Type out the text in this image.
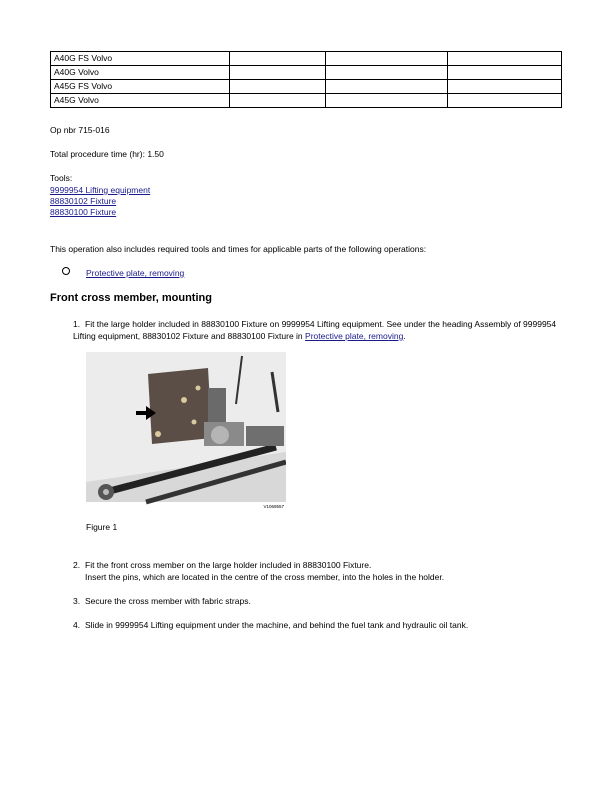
A40G FS Volvo			
A40G Volvo			
A45G FS Volvo			
A45G Volvo			
Op nbr 715-016
Total procedure time (hr): 1.50
Tools:
9999954 Lifting equipment
88830102 Fixture
88830100 Fixture
This operation also includes required tools and times for applicable parts of the following operations:
Protective plate, removing
Front cross member, mounting
1. Fit the large holder included in 88830100 Fixture on 9999954 Lifting equipment. See under the heading Assembly of 9999954 Lifting equipment, 88830102 Fixture and 88830100 Fixture in Protective plate, removing.
V1069557
Figure 1
2. Fit the front cross member on the large holder included in 88830100 Fixture.
Insert the pins, which are located in the centre of the cross member, into the holes in the holder.
3. Secure the cross member with fabric straps.
4. Slide in 9999954 Lifting equipment under the machine, and behind the fuel tank and hydraulic oil tank.
